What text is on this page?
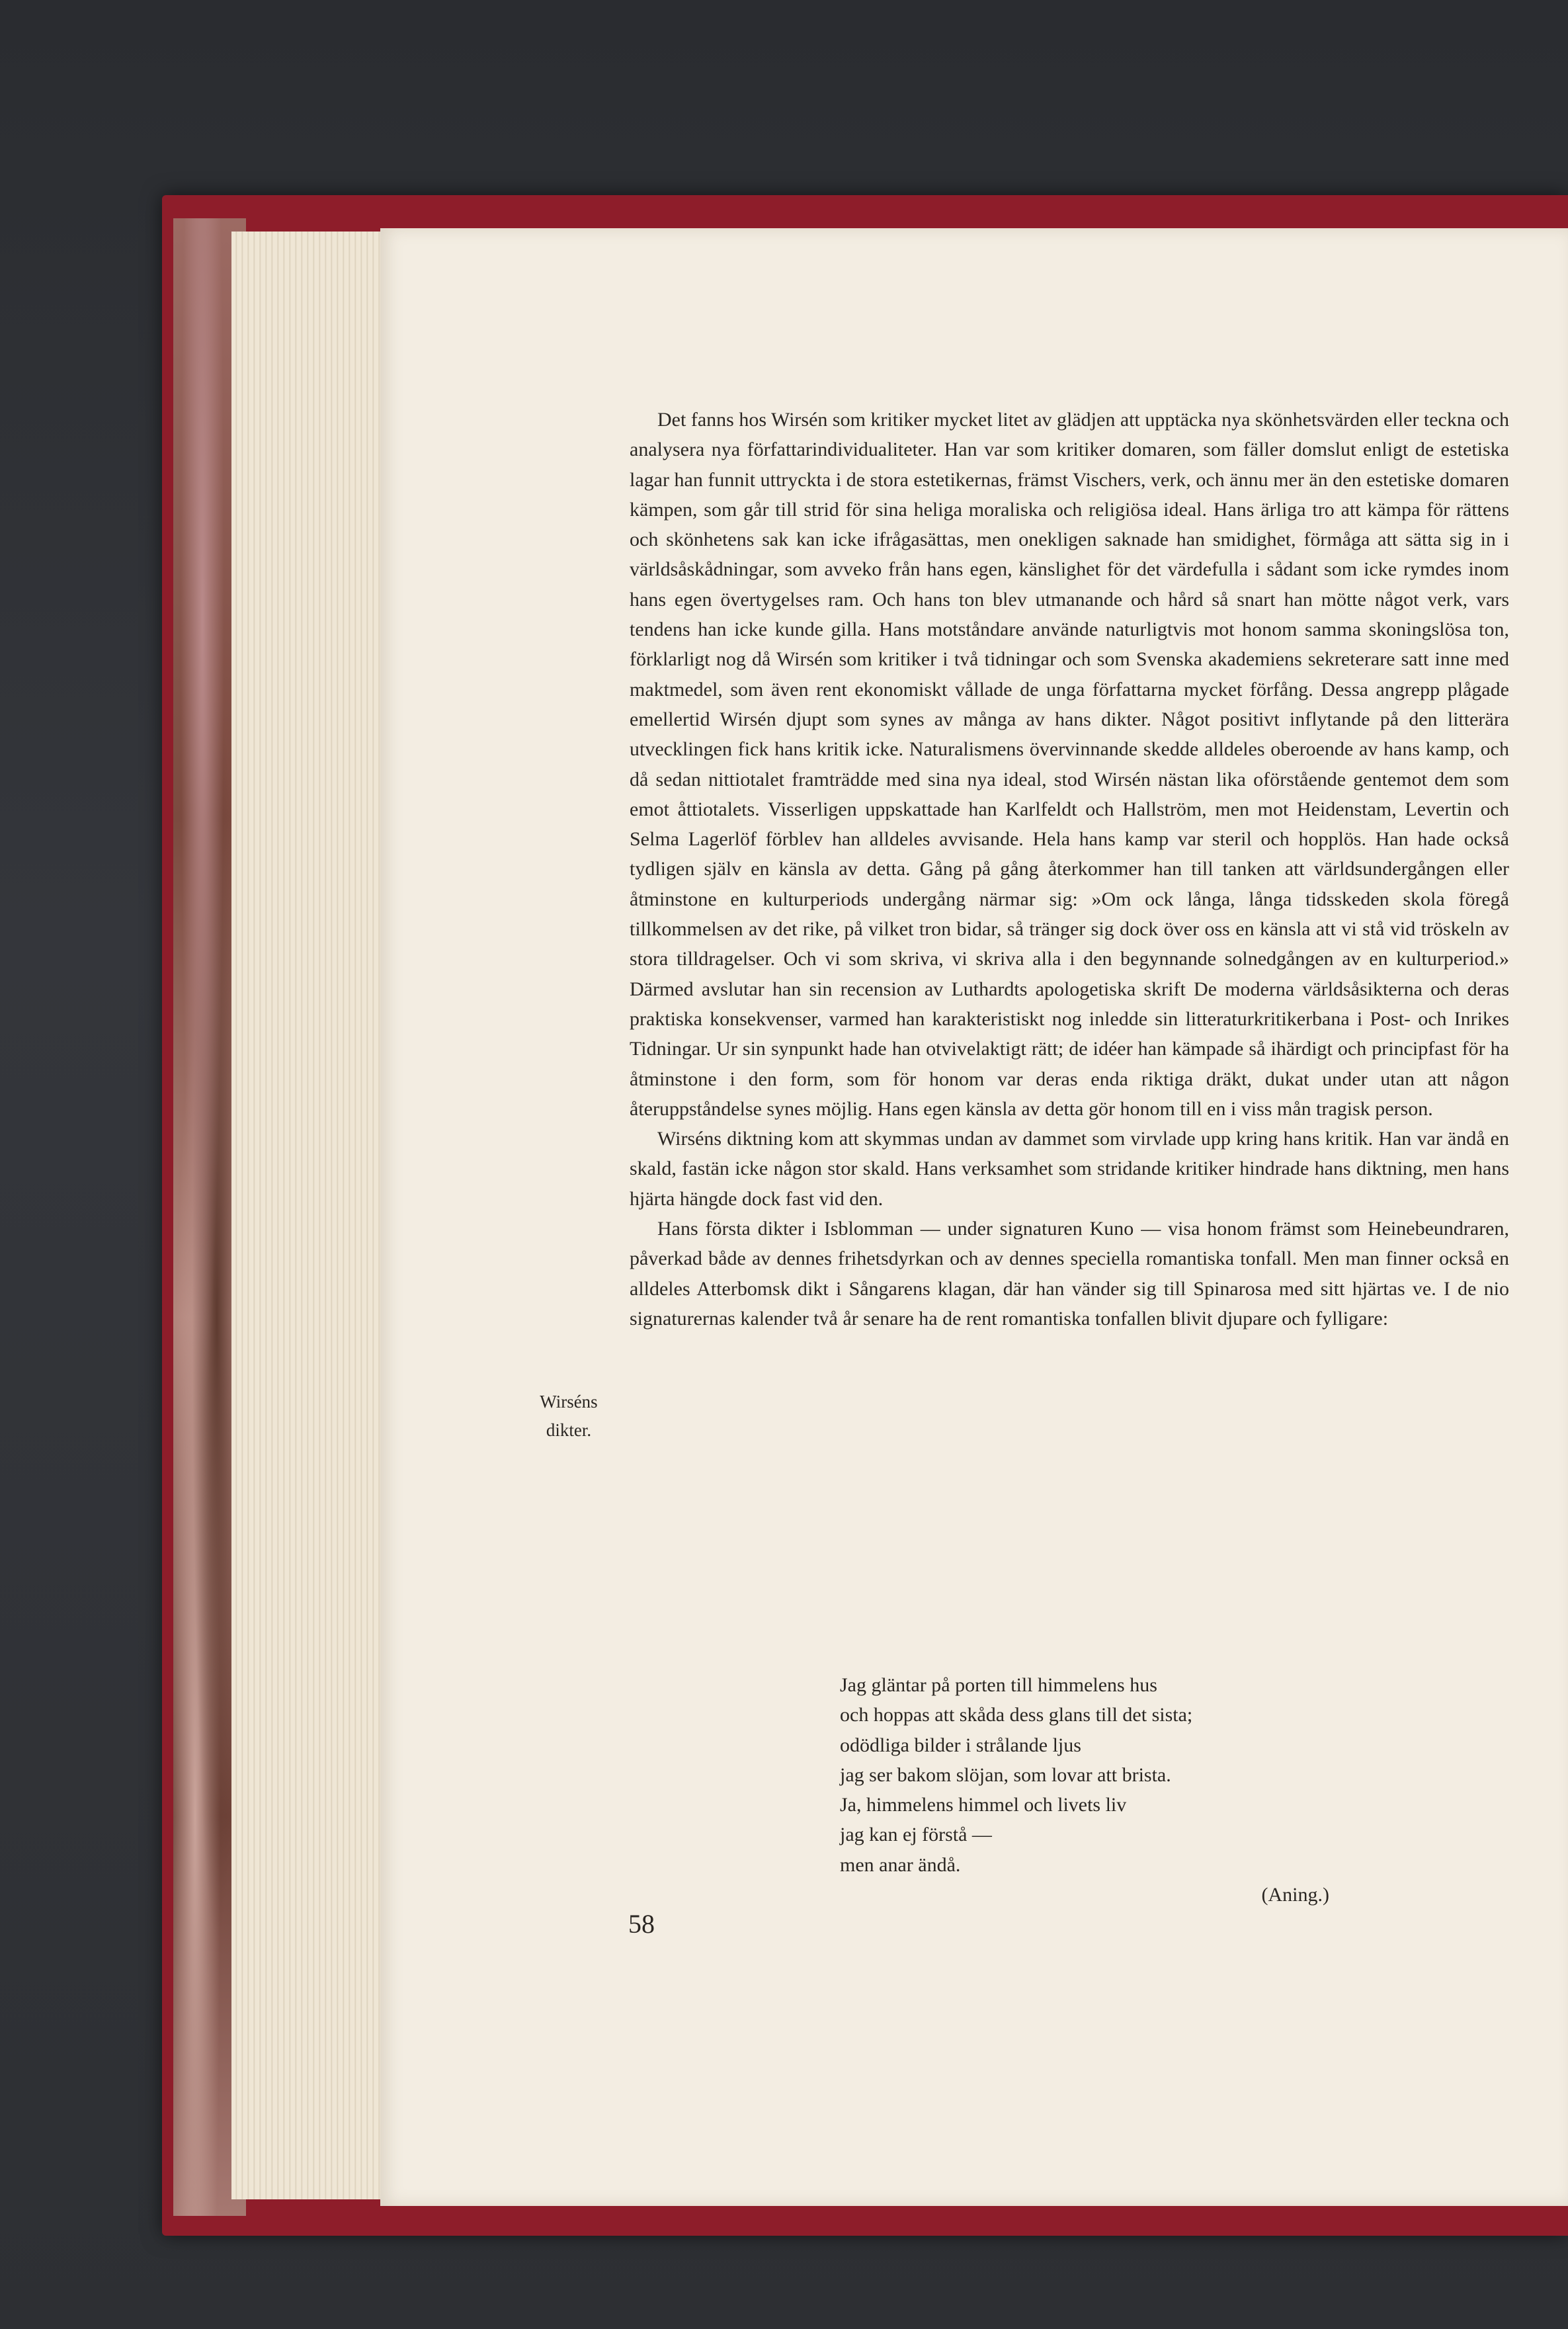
Det fanns hos Wirsén som kritiker mycket litet av glädjen att upptäcka nya skönhetsvärden eller teckna och analysera nya författarindividualiteter. Han var som kritiker domaren, som fäller domslut enligt de estetiska lagar han funnit uttryckta i de stora estetikernas, främst Vischers, verk, och ännu mer än den estetiske domaren kämpen, som går till strid för sina heliga moraliska och religiösa ideal. Hans ärliga tro att kämpa för rättens och skönhetens sak kan icke ifrågasättas, men onekligen saknade han smidighet, förmåga att sätta sig in i världsåskådningar, som avveko från hans egen, känslighet för det värdefulla i sådant som icke rymdes inom hans egen övertygelses ram. Och hans ton blev utmanande och hård så snart han mötte något verk, vars tendens han icke kunde gilla. Hans motståndare använde naturligtvis mot honom samma skoningslösa ton, förklarligt nog då Wirsén som kritiker i två tidningar och som Svenska akademiens sekreterare satt inne med maktmedel, som även rent ekonomiskt vållade de unga författarna mycket förfång. Dessa angrepp plågade emellertid Wirsén djupt som synes av många av hans dikter. Något positivt inflytande på den litterära utvecklingen fick hans kritik icke. Naturalismens övervinnande skedde alldeles oberoende av hans kamp, och då sedan nittiotalet framträdde med sina nya ideal, stod Wirsén nästan lika oförstående gentemot dem som emot åttiotalets. Visserligen uppskattade han Karlfeldt och Hallström, men mot Heidenstam, Levertin och Selma Lagerlöf förblev han alldeles avvisande. Hela hans kamp var steril och hopplös. Han hade också tydligen själv en känsla av detta. Gång på gång återkommer han till tanken att världsundergången eller åtminstone en kulturperiods undergång närmar sig: »Om ock långa, långa tidsskeden skola föregå tillkommelsen av det rike, på vilket tron bidar, så tränger sig dock över oss en känsla att vi stå vid tröskeln av stora tilldragelser. Och vi som skriva, vi skriva alla i den begynnande solnedgången av en kulturperiod.» Därmed avslutar han sin recension av Luthardts apologetiska skrift De moderna världsåsikterna och deras praktiska konsekvenser, varmed han karakteristiskt nog inledde sin litteraturkritikerbana i Post- och Inrikes Tidningar. Ur sin synpunkt hade han otvivelaktigt rätt; de idéer han kämpade så ihärdigt och principfast för ha åtminstone i den form, som för honom var deras enda riktiga dräkt, dukat under utan att någon återuppståndelse synes möjlig. Hans egen känsla av detta gör honom till en i viss mån tragisk person.

Wirséns diktning kom att skymmas undan av dammet som virvlade upp kring hans kritik. Han var ändå en skald, fastän icke någon stor skald. Hans verksamhet som stridande kritiker hindrade hans diktning, men hans hjärta hängde dock fast vid den.

Hans första dikter i Isblomman — under signaturen Kuno — visa honom främst som Heinebeundraren, påverkad både av dennes frihetsdyrkan och av dennes speciella romantiska tonfall. Men man finner också en alldeles Atterbomsk dikt i Sångarens klagan, där han vänder sig till Spinarosa med sitt hjärtas ve. I de nio signaturernas kalender två år senare ha de rent romantiska tonfallen blivit djupare och fylligare:

Wirséns dikter.
Jag gläntar på porten till himmelens hus
och hoppas att skåda dess glans till det sista;
odödliga bilder i strålande ljus
jag ser bakom slöjan, som lovar att brista.
Ja, himmelens himmel och livets liv
jag kan ej förstå —
men anar ändå.
(Aning.)
58
